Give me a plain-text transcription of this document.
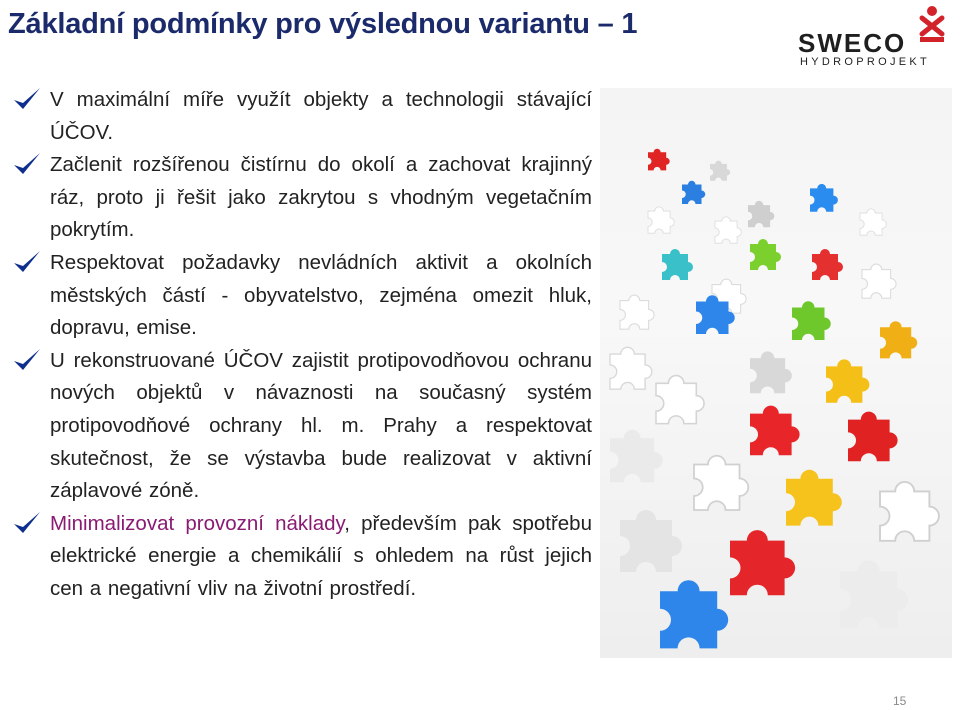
Základní podmínky pro výslednou variantu – 1
SWECO
HYDROPROJEKT
V maximální míře využít objekty a technologii stávající ÚČOV.
Začlenit rozšířenou čistírnu do okolí a zachovat krajinný ráz, proto ji řešit jako zakrytou s vhodným vegetačním pokrytím.
Respektovat požadavky nevládních aktivit a okolních městských částí - obyvatelstvo, zejména omezit hluk, dopravu, emise.
U rekonstruované ÚČOV zajistit protipovodňovou ochranu nových objektů v návaznosti na současný systém protipovodňové ochrany hl. m. Prahy a respektovat skutečnost, že se výstavba bude realizovat v aktivní záplavové zóně.
Minimalizovat provozní náklady, především pak spotřebu elektrické energie a chemikálií s ohledem na růst jejich cen a negativní vliv na životní prostředí.
15
